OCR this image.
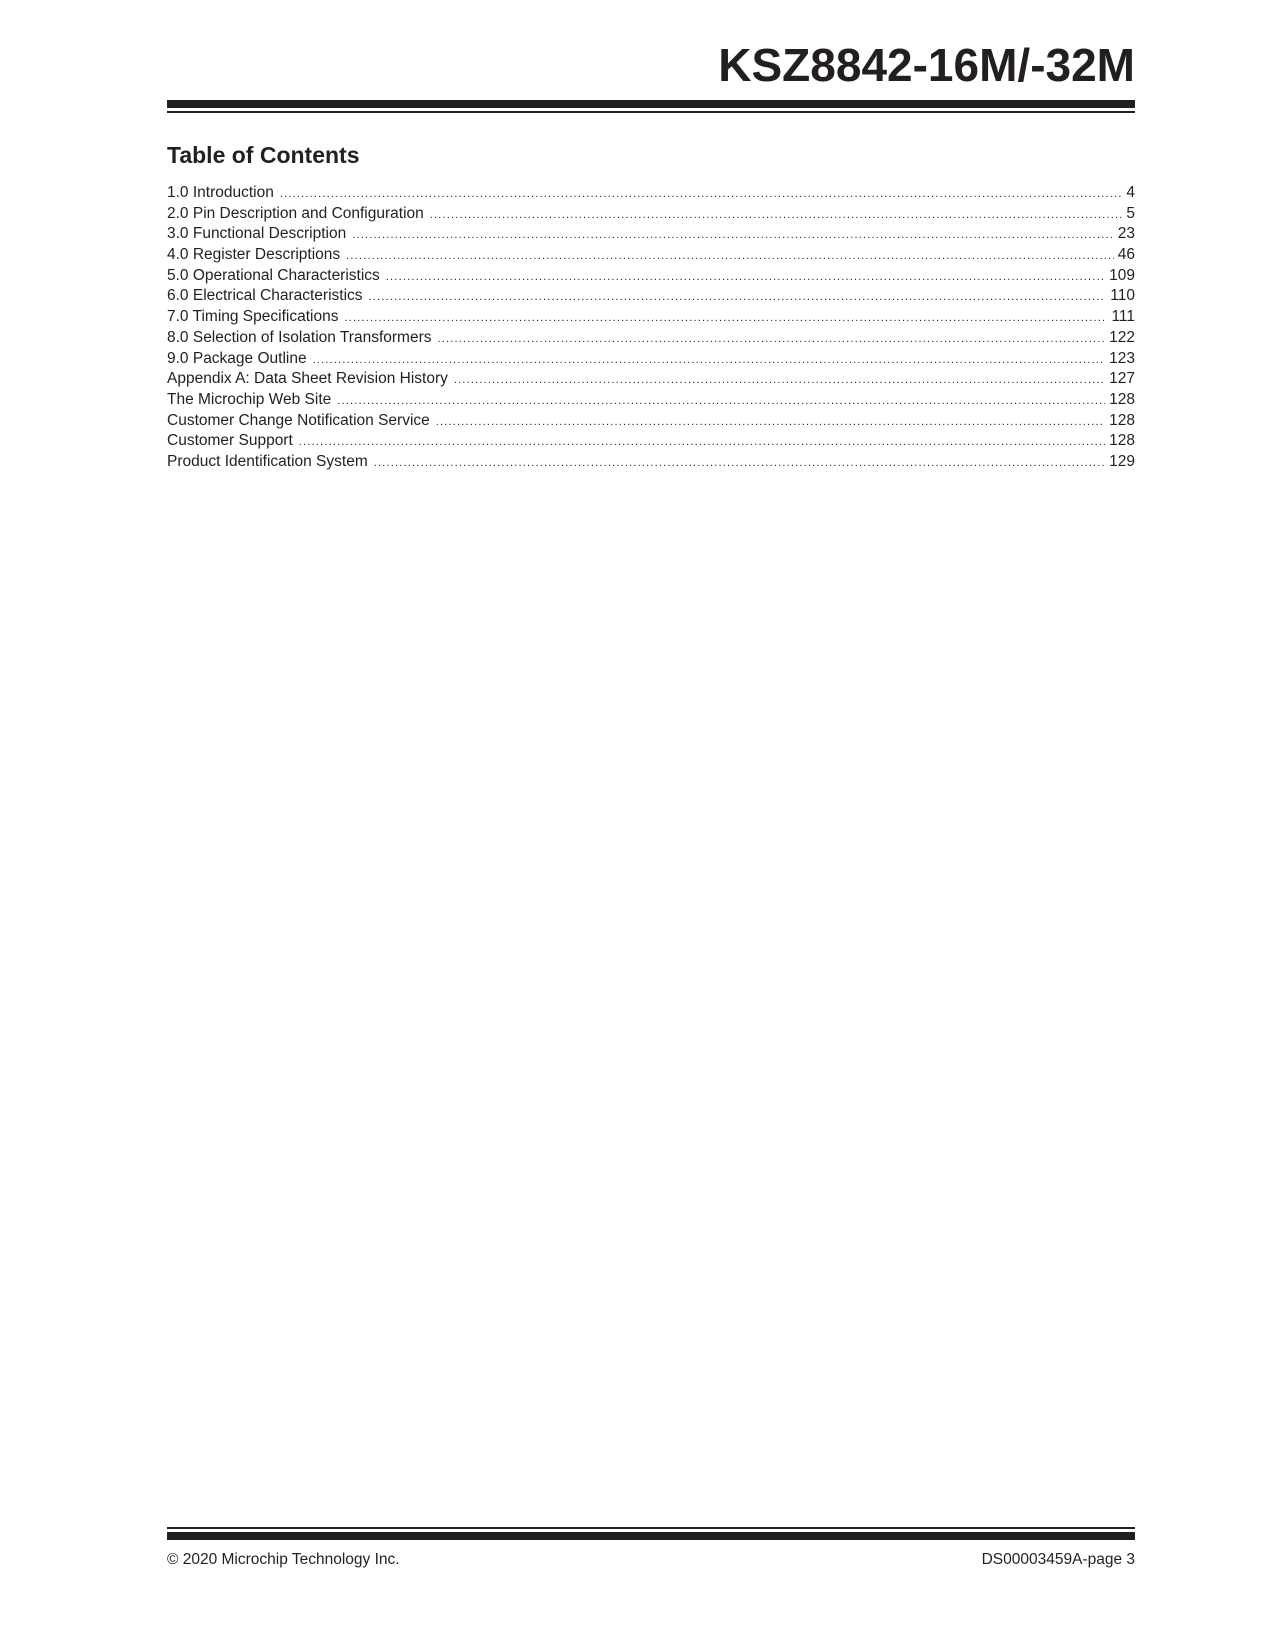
KSZ8842-16M/-32M
Table of Contents
1.0 Introduction .....	4
2.0 Pin Description and Configuration .....	5
3.0 Functional Description .....	23
4.0 Register Descriptions .....	46
5.0 Operational Characteristics .....	109
6.0 Electrical Characteristics .....	110
7.0 Timing Specifications .....	111
8.0 Selection of Isolation Transformers .....	122
9.0 Package Outline .....	123
Appendix A: Data Sheet Revision History .....	127
The Microchip Web Site .....	128
Customer Change Notification Service .....	128
Customer Support .....	128
Product Identification System .....	129

© 2020 Microchip Technology Inc.	DS00003459A-page 3
